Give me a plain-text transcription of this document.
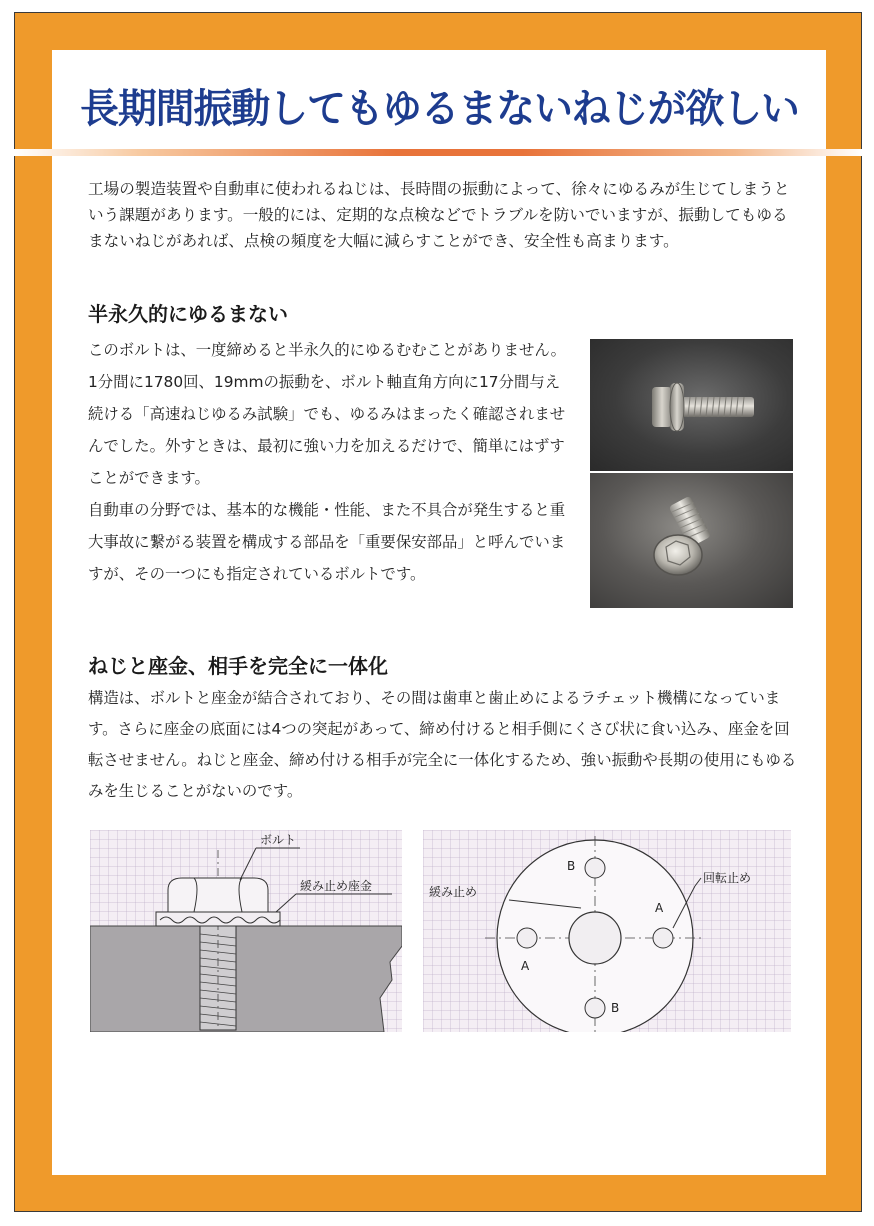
長期間振動してもゆるまないねじが欲しい

工場の製造装置や自動車に使われるねじは、長時間の振動によって、徐々にゆるみが生じてしまうという課題があります。一般的には、定期的な点検などでトラブルを防いでいますが、振動してもゆるまないねじがあれば、点検の頻度を大幅に減らすことができ、安全性も高まります。

半永久的にゆるまない

このボルトは、一度締めると半永久的にゆるむむことがありません。

1分間に1780回、19mmの振動を、ボルト軸直角方向に17分間与え続ける「高速ねじゆるみ試験」でも、ゆるみはまったく確認されませんでした。外すときは、最初に強い力を加えるだけで、簡単にはずすことができます。

自動車の分野では、基本的な機能・性能、また不具合が発生すると重大事故に繋がる装置を構成する部品を「重要保安部品」と呼んでいますが、その一つにも指定されているボルトです。

ねじと座金、相手を完全に一体化

構造は、ボルトと座金が結合されており、その間は歯車と歯止めによるラチェット機構になっています。さらに座金の底面には4つの突起があって、締め付けると相手側にくさび状に食い込み、座金を回転させません。ねじと座金、締め付ける相手が完全に一体化するため、強い振動や長期の使用にもゆるみを生じることがないのです。

ボルト
緩み止め座金	緩み止め
回転止め
B
B
A
A
